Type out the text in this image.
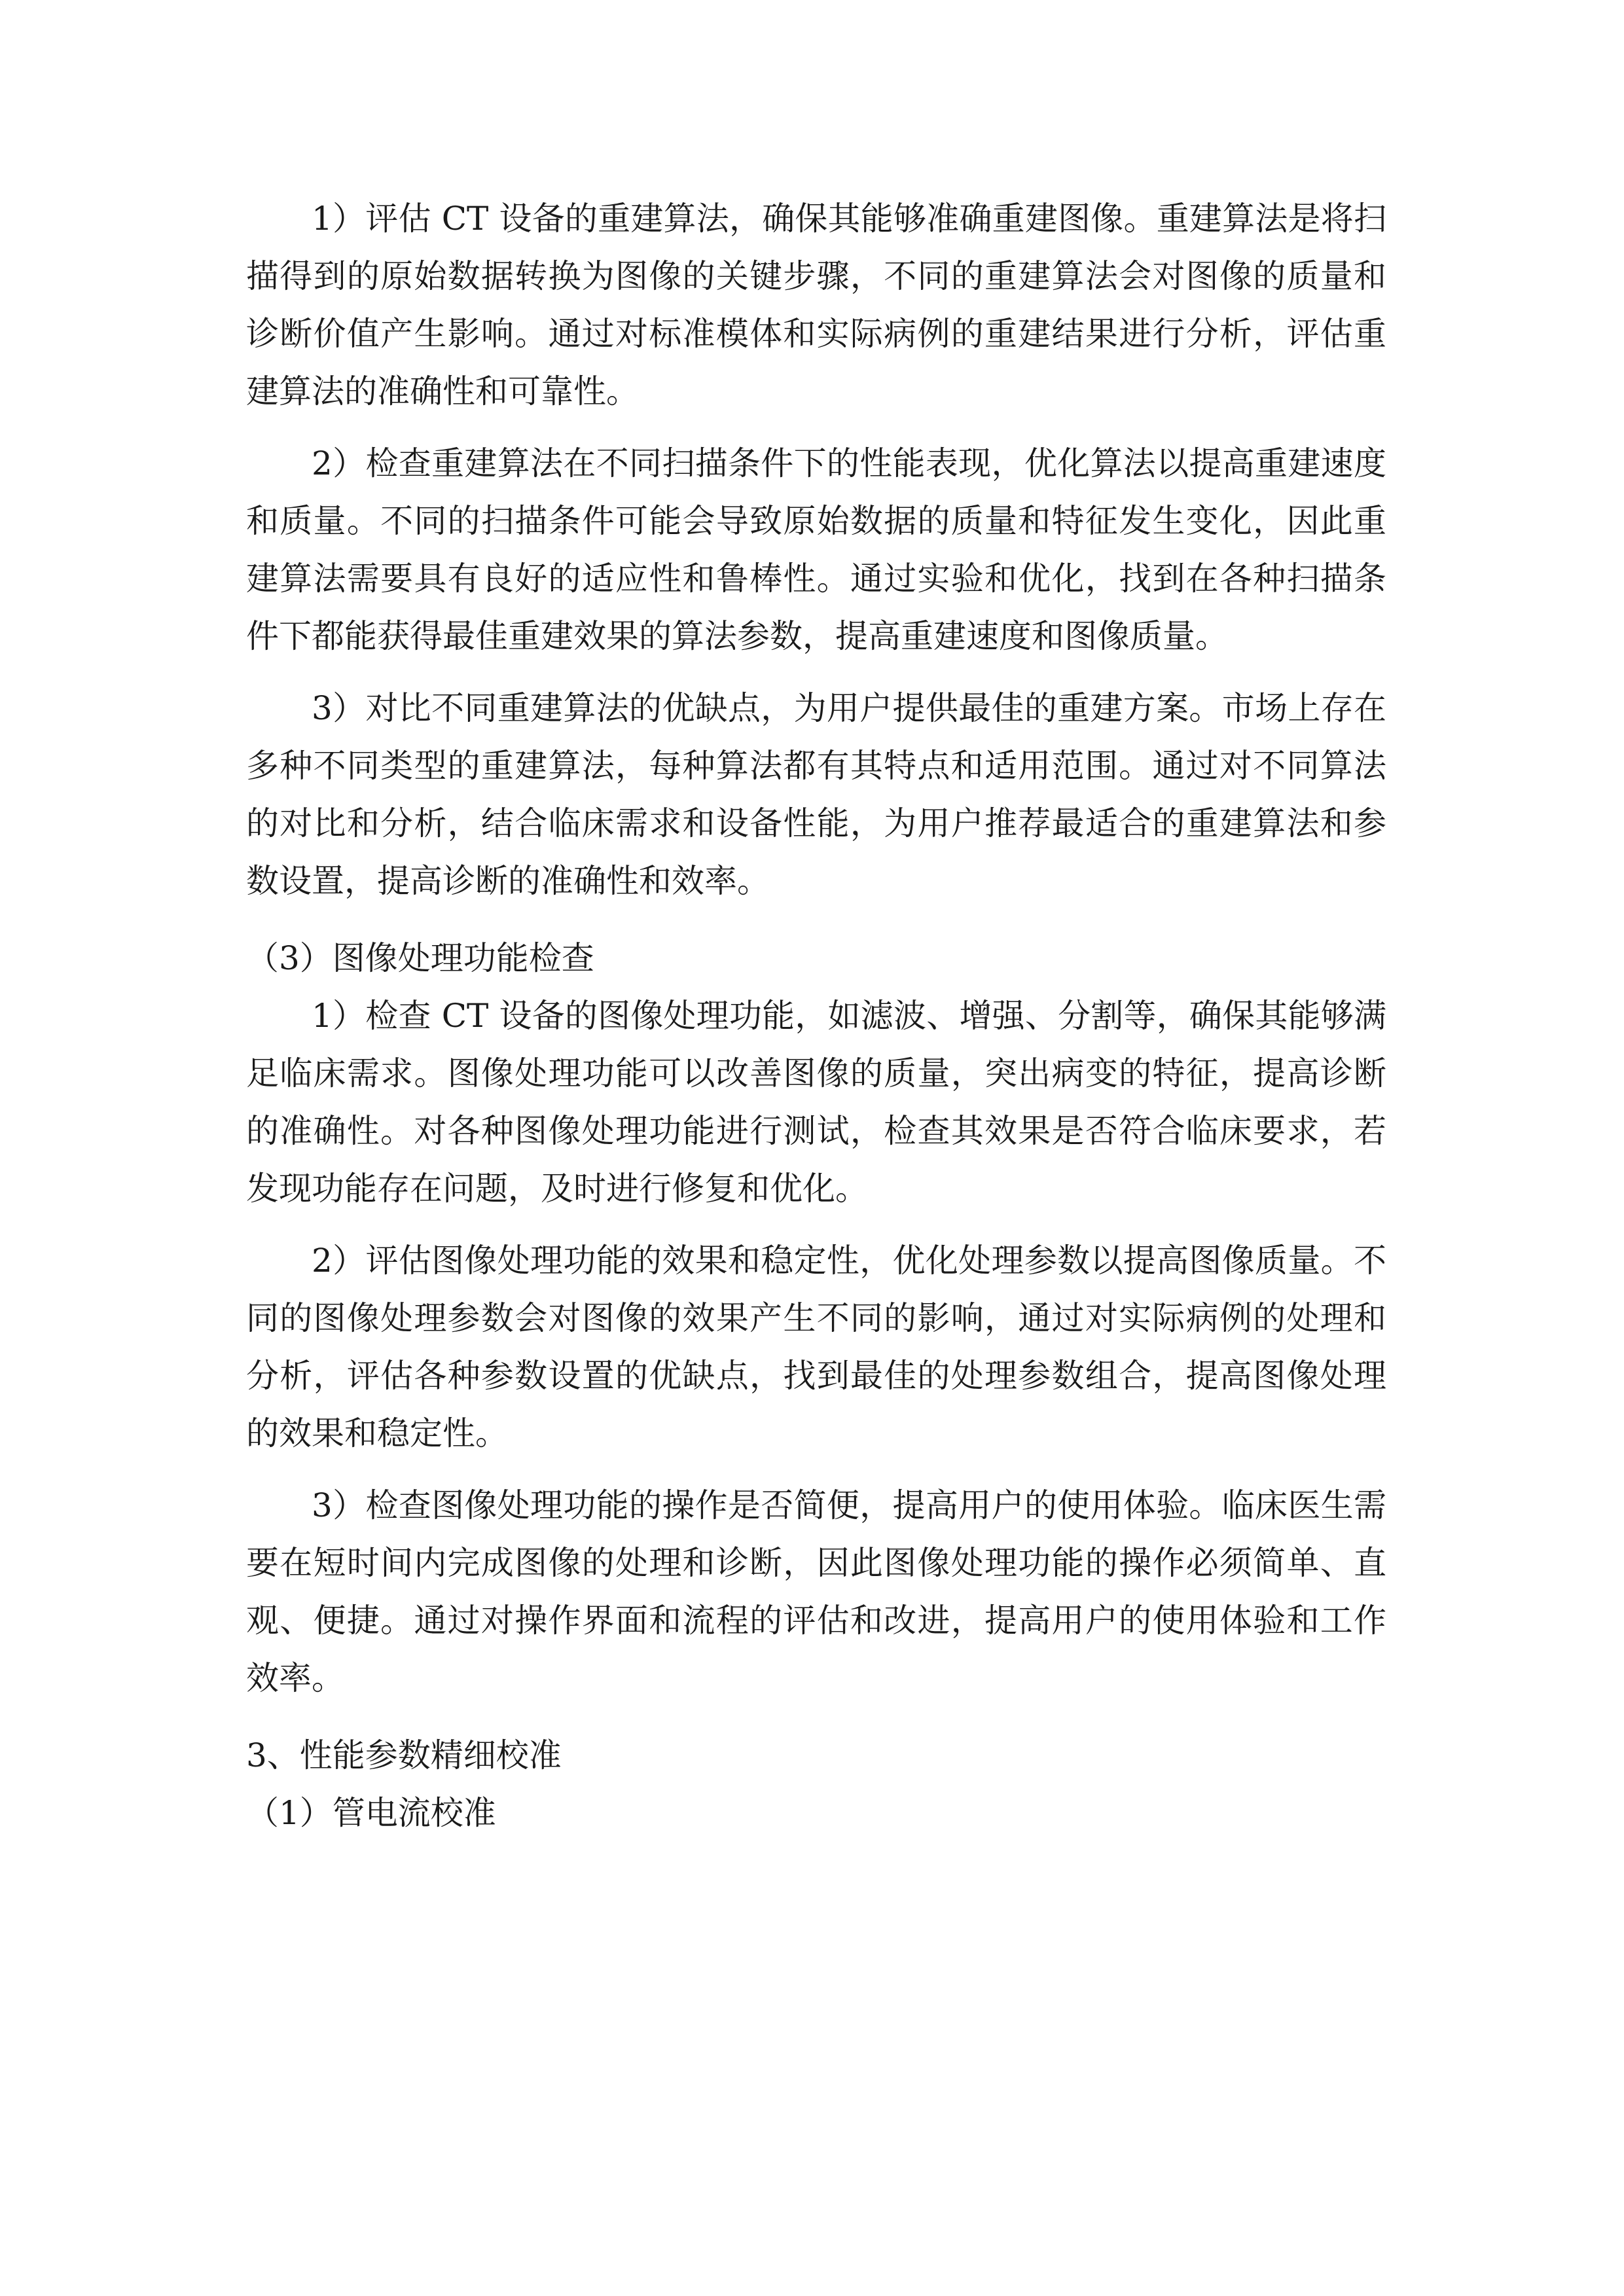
1）评估 CT 设备的重建算法，确保其能够准确重建图像。重建算法是将扫描得到的原始数据转换为图像的关键步骤，不同的重建算法会对图像的质量和诊断价值产生影响。通过对标准模体和实际病例的重建结果进行分析，评估重建算法的准确性和可靠性。

2）检查重建算法在不同扫描条件下的性能表现，优化算法以提高重建速度和质量。不同的扫描条件可能会导致原始数据的质量和特征发生变化，因此重建算法需要具有良好的适应性和鲁棒性。通过实验和优化，找到在各种扫描条件下都能获得最佳重建效果的算法参数，提高重建速度和图像质量。

3）对比不同重建算法的优缺点，为用户提供最佳的重建方案。市场上存在多种不同类型的重建算法，每种算法都有其特点和适用范围。通过对不同算法的对比和分析，结合临床需求和设备性能，为用户推荐最适合的重建算法和参数设置，提高诊断的准确性和效率。

（3）图像处理功能检查

1）检查 CT 设备的图像处理功能，如滤波、增强、分割等，确保其能够满足临床需求。图像处理功能可以改善图像的质量，突出病变的特征，提高诊断的准确性。对各种图像处理功能进行测试，检查其效果是否符合临床要求，若发现功能存在问题，及时进行修复和优化。

2）评估图像处理功能的效果和稳定性，优化处理参数以提高图像质量。不同的图像处理参数会对图像的效果产生不同的影响，通过对实际病例的处理和分析，评估各种参数设置的优缺点，找到最佳的处理参数组合，提高图像处理的效果和稳定性。

3）检查图像处理功能的操作是否简便，提高用户的使用体验。临床医生需要在短时间内完成图像的处理和诊断，因此图像处理功能的操作必须简单、直观、便捷。通过对操作界面和流程的评估和改进，提高用户的使用体验和工作效率。

3、性能参数精细校准

（1）管电流校准
